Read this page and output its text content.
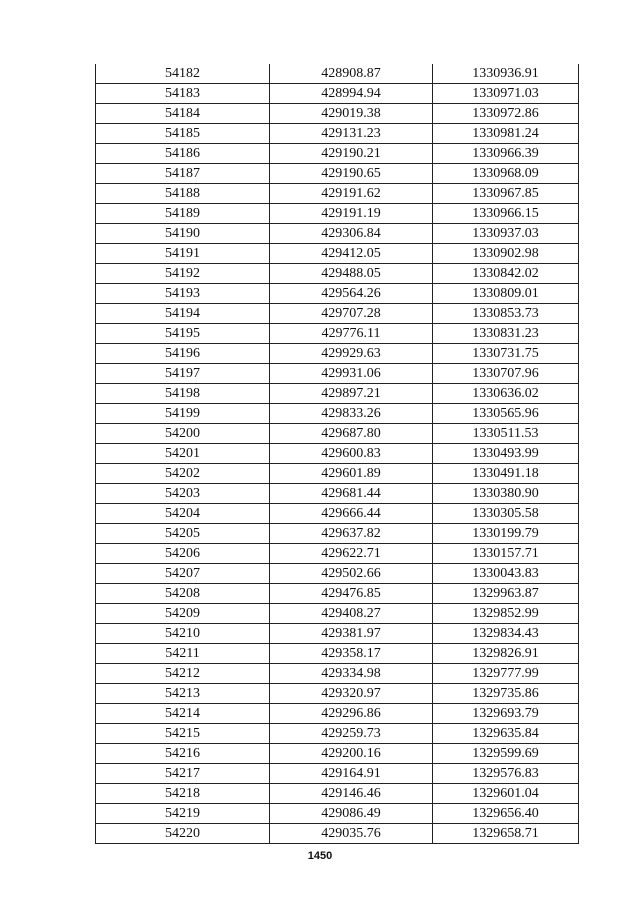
54182	428908.87	1330936.91
54183	428994.94	1330971.03
54184	429019.38	1330972.86
54185	429131.23	1330981.24
54186	429190.21	1330966.39
54187	429190.65	1330968.09
54188	429191.62	1330967.85
54189	429191.19	1330966.15
54190	429306.84	1330937.03
54191	429412.05	1330902.98
54192	429488.05	1330842.02
54193	429564.26	1330809.01
54194	429707.28	1330853.73
54195	429776.11	1330831.23
54196	429929.63	1330731.75
54197	429931.06	1330707.96
54198	429897.21	1330636.02
54199	429833.26	1330565.96
54200	429687.80	1330511.53
54201	429600.83	1330493.99
54202	429601.89	1330491.18
54203	429681.44	1330380.90
54204	429666.44	1330305.58
54205	429637.82	1330199.79
54206	429622.71	1330157.71
54207	429502.66	1330043.83
54208	429476.85	1329963.87
54209	429408.27	1329852.99
54210	429381.97	1329834.43
54211	429358.17	1329826.91
54212	429334.98	1329777.99
54213	429320.97	1329735.86
54214	429296.86	1329693.79
54215	429259.73	1329635.84
54216	429200.16	1329599.69
54217	429164.91	1329576.83
54218	429146.46	1329601.04
54219	429086.49	1329656.40
54220	429035.76	1329658.71
1450
